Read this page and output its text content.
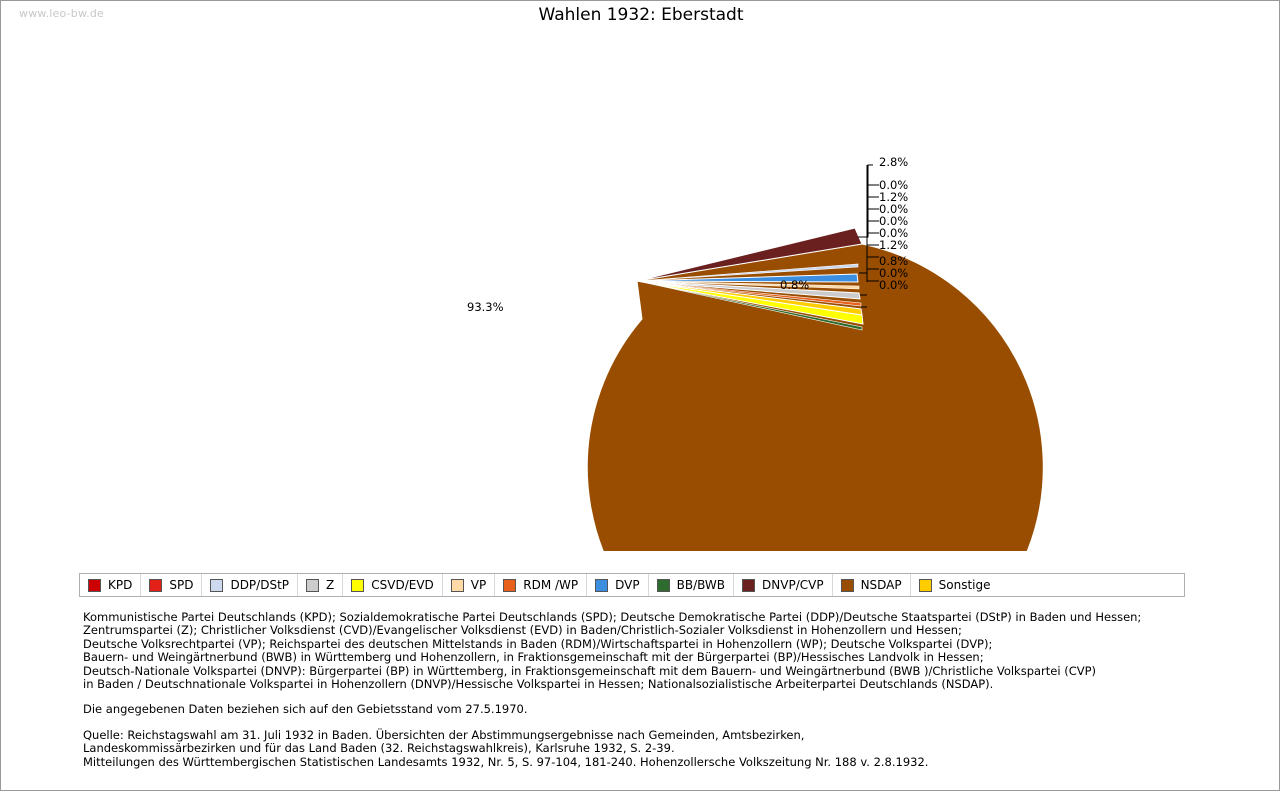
www.leo-bw.de	Wahlen 1932: Eberstadt
2.8%
0.0%
1.2%
0.0%
0.0%
0.0%
1.2%
0.8%
0.0%
0.0%
93.3%
0.8%
KPD	SPD	DDP/DStP	Z	CSVD/EVD	VP	RDM /WP	DVP	BB/BWB	DNVP/CVP	NSDAP	Sonstige
Kommunistische Partei Deutschlands (KPD); Sozialdemokratische Partei Deutschlands (SPD); Deutsche Demokratische Partei (DDP)/Deutsche Staatspartei (DStP) in Baden und Hessen;
Zentrumspartei (Z); Christlicher Volksdienst (CVD)/Evangelischer Volksdienst (EVD) in Baden/Christlich-Sozialer Volksdienst in Hohenzollern und Hessen;
Deutsche Volksrechtpartei (VP); Reichspartei des deutschen Mittelstands in Baden (RDM)/Wirtschaftspartei in Hohenzollern (WP); Deutsche Volkspartei (DVP);
Bauern- und Weingärtnerbund (BWB) in Württemberg und Hohenzollern, in Fraktionsgemeinschaft mit der Bürgerpartei (BP)/Hessisches Landvolk in Hessen;
Deutsch-Nationale Volkspartei (DNVP): Bürgerpartei (BP) in Württemberg, in Fraktionsgemeinschaft mit dem Bauern- und Weingärtnerbund (BWB )/Christliche Volkspartei (CVP)
in Baden / Deutschnationale Volkspartei in Hohenzollern (DNVP)/Hessische Volkspartei in Hessen; Nationalsozialistische Arbeiterpartei Deutschlands (NSDAP).
Die angegebenen Daten beziehen sich auf den Gebietsstand vom 27.5.1970.
Quelle: Reichstagswahl am 31. Juli 1932 in Baden. Übersichten der Abstimmungsergebnisse nach Gemeinden, Amtsbezirken,
Landeskommissärbezirken und für das Land Baden (32. Reichstagswahlkreis), Karlsruhe 1932, S. 2-39.
Mitteilungen des Württembergischen Statistischen Landesamts 1932, Nr. 5, S. 97-104, 181-240. Hohenzollersche Volkszeitung Nr. 188 v. 2.8.1932.
